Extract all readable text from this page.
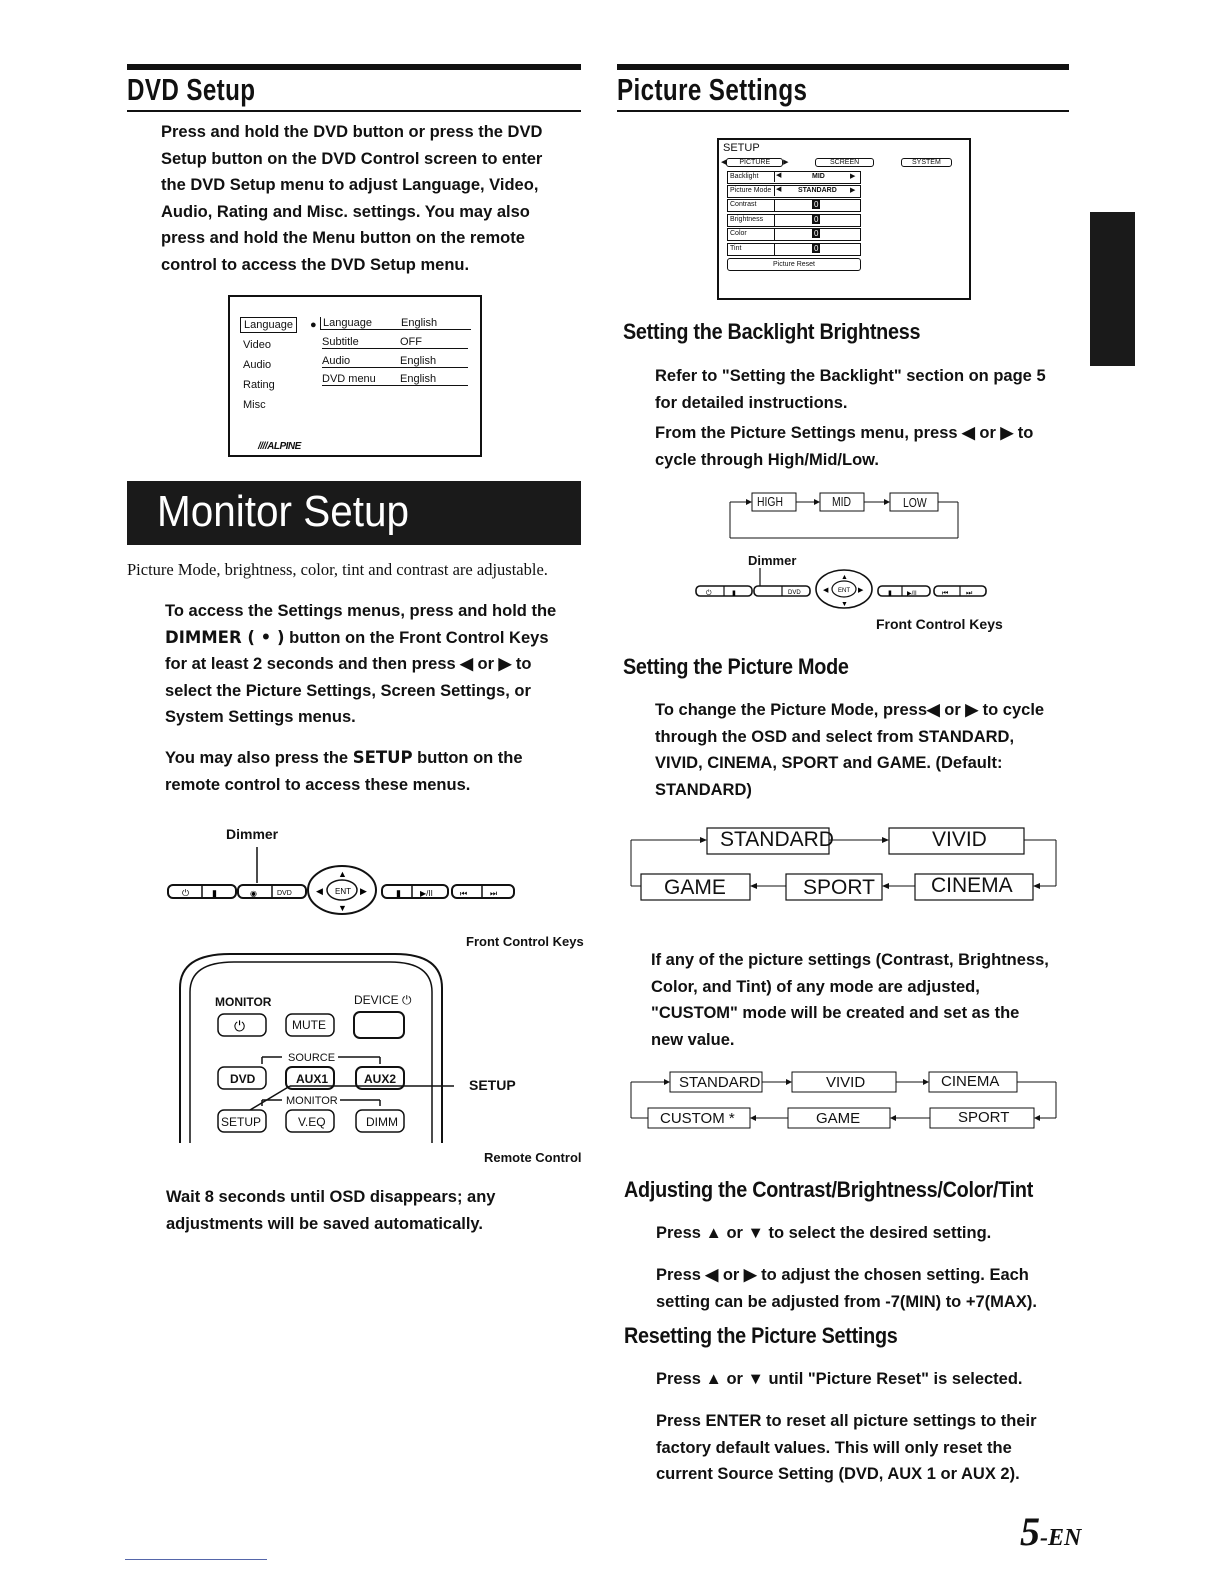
DVD Setup
Press and hold the DVD button or press the DVD
Setup button on the DVD Control screen to enter
the DVD Setup menu to adjust Language, Video,
Audio, Rating and Misc. settings. You may also
press and hold the Menu button on the remote
control to access the DVD Setup menu.
Language	●
Video
Audio
Rating
Misc
Language	English
Subtitle	OFF
Audio	English
DVD menu English
////ALPINE
Monitor Setup
Picture Mode, brightness, color, tint and contrast are adjustable.
To access the Settings menus, press and hold the
DIMMER ( • ) button on the Front Control Keys
for at least 2 seconds and then press ◀ or ▶ to
select the Picture Settings, Screen Settings, or
System Settings menus.
You may also press the SETUP button on the
remote control to access these menus.
Dimmer
⏻	▮	◉	DVD	ENT
◀	▶
▲
▼
▮ ▶/II	⏮	⏭
Front Control Keys
⏻
MONITOR	DEVICE ⏻
MUTE
SOURCE
DVD	AUX1	AUX2
MONITOR
SETUP	V.EQ	DIMM
SETUP
Remote Control
Wait 8 seconds until OSD disappears; any
adjustments will be saved automatically.
Picture Settings
SETUP
◀ PICTURE ▶	SCREEN	SYSTEM
Backlight	◀	MID	▶
Picture Mode ◀ STANDARD ▶
Contrast	0
Brightness	0
Color	0
Tint	0
Picture Reset
Setting the Backlight Brightness
Refer to "Setting the Backlight" section on page 5
for detailed instructions.
From the Picture Settings menu, press ◀ or ▶ to
cycle through High/Mid/Low.
HIGH	MID	LOW
Dimmer
⏻	▮	DVD	ENT
◀	▶
▲
▼
▮	▶/II	⏮	⏭
Front Control Keys
Setting the Picture Mode
To change the Picture Mode, press◀ or ▶ to cycle
through the OSD and select from STANDARD,
VIVID, CINEMA, SPORT and GAME. (Default:
STANDARD)
STANDARD	VIVID
CINEMA
SPORT
GAME
If any of the picture settings (Contrast, Brightness,
Color, and Tint) of any mode are adjusted,
"CUSTOM" mode will be created and set as the
new value.
STANDARD	VIVID	CINEMA
SPORT
GAME
CUSTOM *
Adjusting the Contrast/Brightness/Color/Tint
Press ▲ or ▼ to select the desired setting.
Press ◀ or ▶ to adjust the chosen setting. Each
setting can be adjusted from -7(MIN) to +7(MAX).
Resetting the Picture Settings
Press ▲ or ▼ until "Picture Reset" is selected.
Press ENTER to reset all picture settings to their
factory default values. This will only reset the
current Source Setting (DVD, AUX 1 or AUX 2).
5-EN
